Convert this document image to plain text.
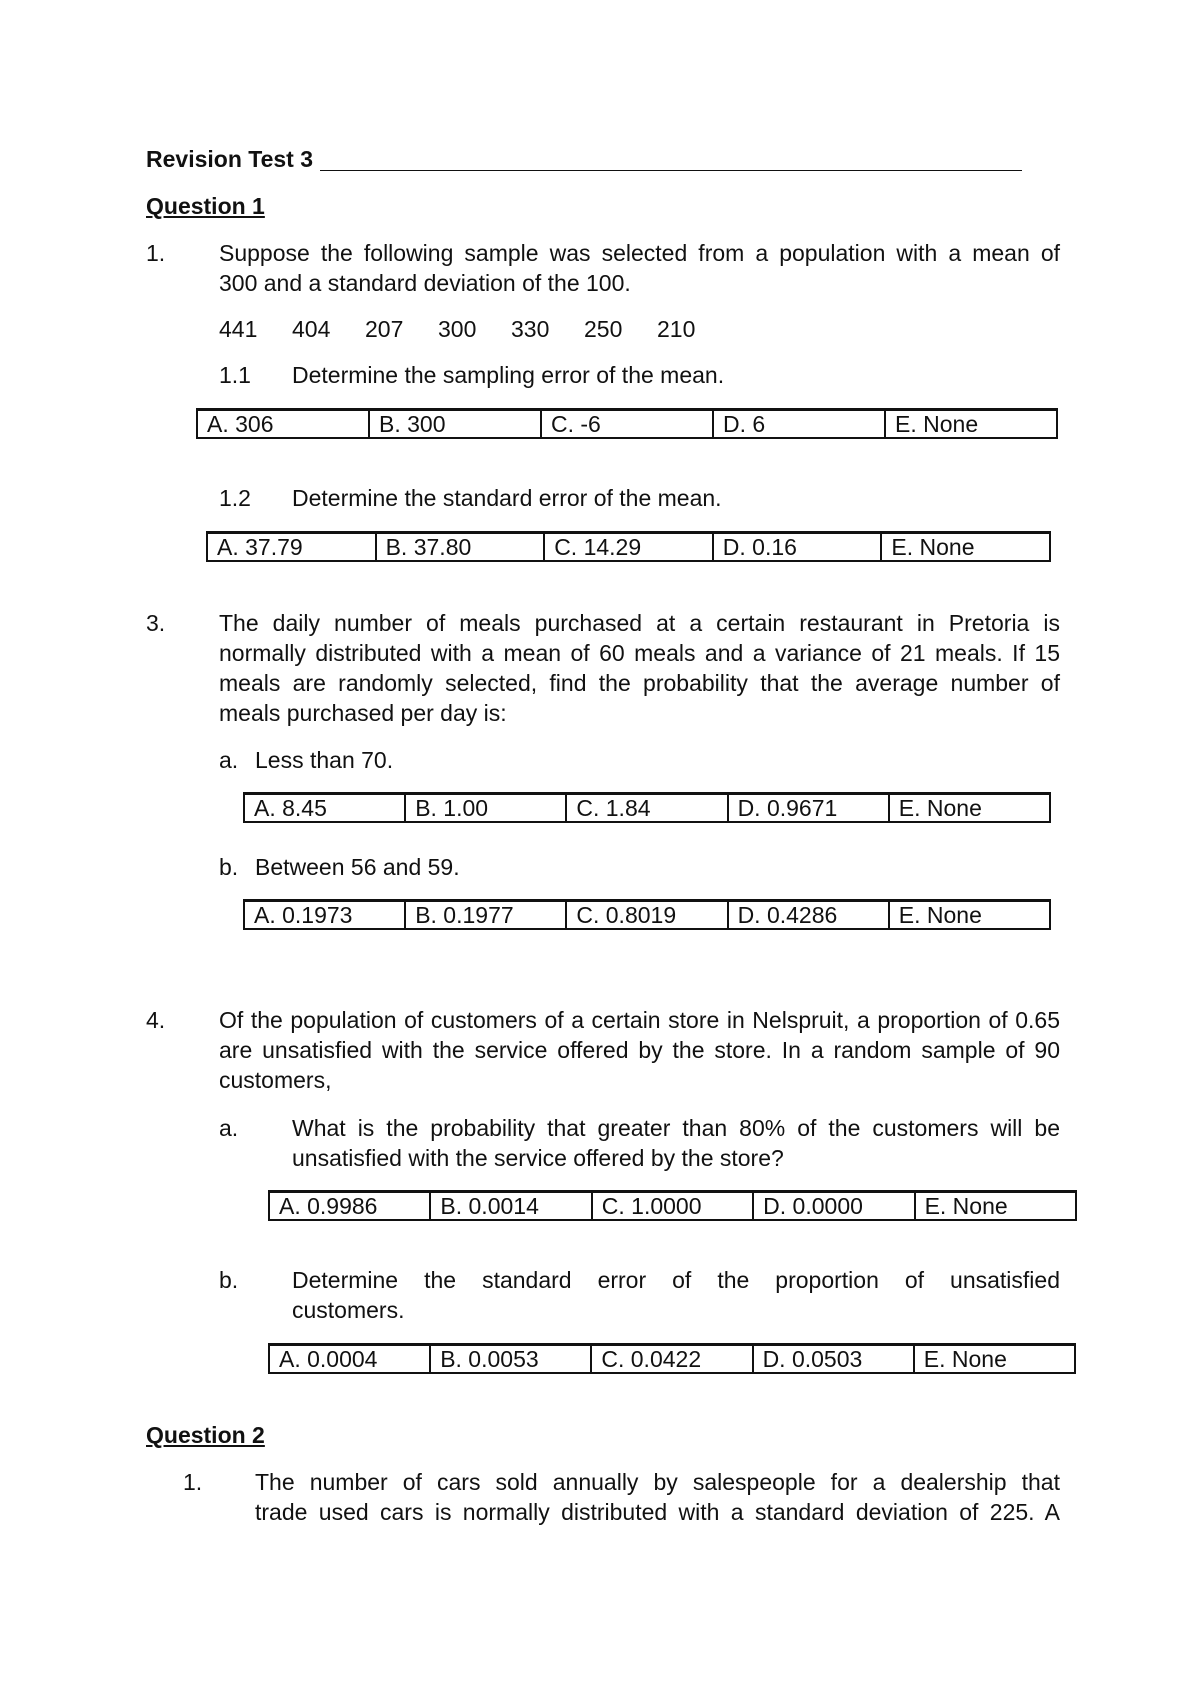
Revision Test 3
Question 1
1. Suppose the following sample was selected from a population with a mean of
300 and a standard deviation of the 100.
441 404 207 300 330 250 210
1.1 Determine the sampling error of the mean.
A. 306	B. 300	C. -6	D. 6	E. None
1.2 Determine the standard error of the mean.
A. 37.79	B. 37.80	C. 14.29	D. 0.16	E. None
3. The daily number of meals purchased at a certain restaurant in Pretoria is normally distributed with a mean of 60 meals and a variance of 21 meals. If 15 meals are randomly selected, find the probability that the average number of meals purchased per day is:
a. Less than 70.
A. 8.45	B. 1.00	C. 1.84	D. 0.9671	E. None
b. Between 56 and 59.
A. 0.1973	B. 0.1977	C. 0.8019	D. 0.4286	E. None
4. Of the population of customers of a certain store in Nelspruit, a proportion of 0.65 are unsatisfied with the service offered by the store. In a random sample of 90 customers,
a. What is the probability that greater than 80% of the customers will be unsatisfied with the service offered by the store?
A. 0.9986	B. 0.0014	C. 1.0000	D. 0.0000	E. None
b. Determine the standard error of the proportion of unsatisfied
customers.
A. 0.0004	B. 0.0053	C. 0.0422	D. 0.0503	E. None
Question 2
1. The number of cars sold annually by salespeople for a dealership that
trade used cars is normally distributed with a standard deviation of 225. A
